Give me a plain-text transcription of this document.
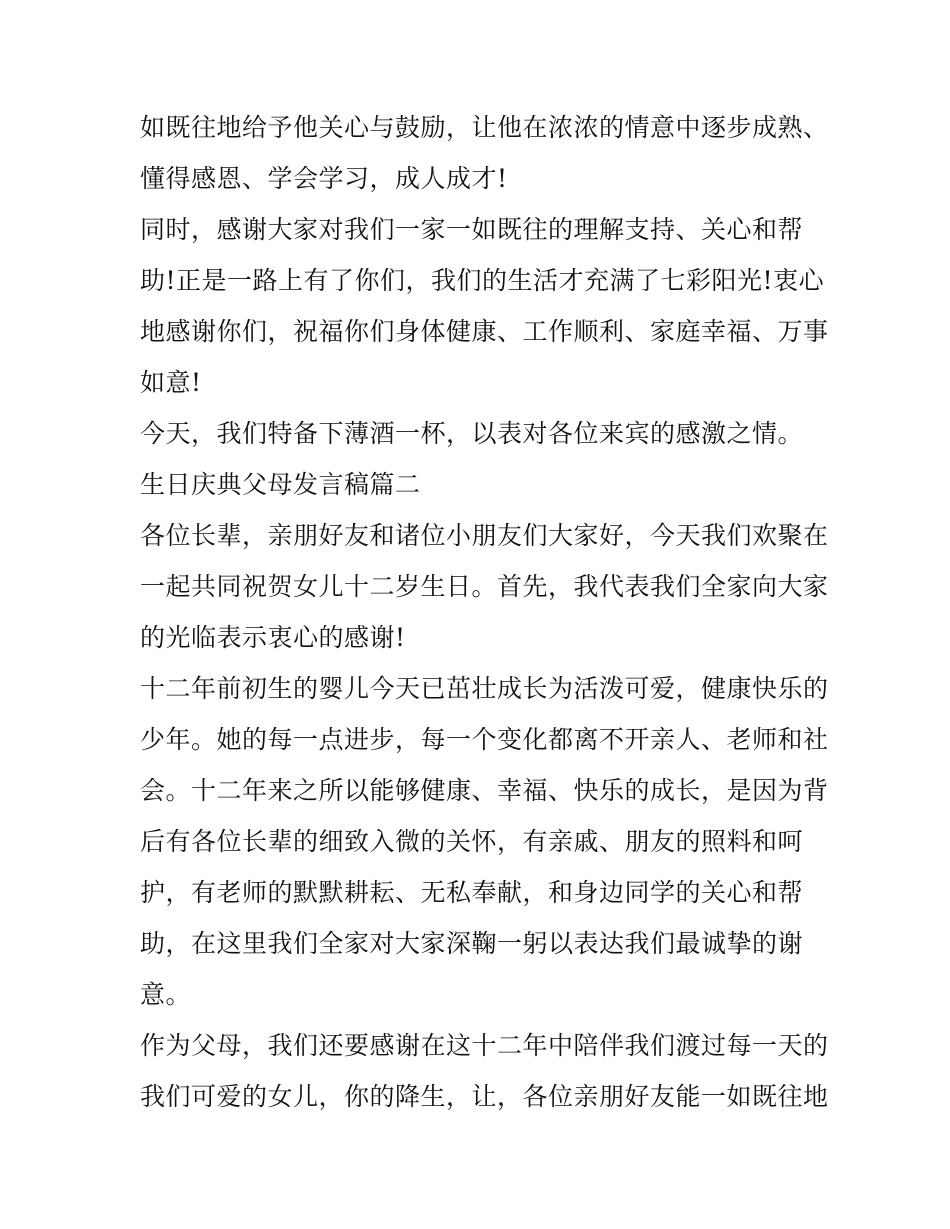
如既往地给予他关心与鼓励，让他在浓浓的情意中逐步成熟、
懂得感恩、学会学习，成人成才!
同时，感谢大家对我们一家一如既往的理解支持、关心和帮
助!正是一路上有了你们，我们的生活才充满了七彩阳光!衷心
地感谢你们，祝福你们身体健康、工作顺利、家庭幸福、万事
如意!
今天，我们特备下薄酒一杯，以表对各位来宾的感激之情。
生日庆典父母发言稿篇二
各位长辈，亲朋好友和诸位小朋友们大家好，今天我们欢聚在
一起共同祝贺女儿十二岁生日。首先，我代表我们全家向大家
的光临表示衷心的感谢!
十二年前初生的婴儿今天已茁壮成长为活泼可爱，健康快乐的
少年。她的每一点进步，每一个变化都离不开亲人、老师和社
会。十二年来之所以能够健康、幸福、快乐的成长，是因为背
后有各位长辈的细致入微的关怀，有亲戚、朋友的照料和呵
护，有老师的默默耕耘、无私奉献，和身边同学的关心和帮
助，在这里我们全家对大家深鞠一躬以表达我们最诚挚的谢
意。
作为父母，我们还要感谢在这十二年中陪伴我们渡过每一天的
我们可爱的女儿，你的降生，让，各位亲朋好友能一如既往地
